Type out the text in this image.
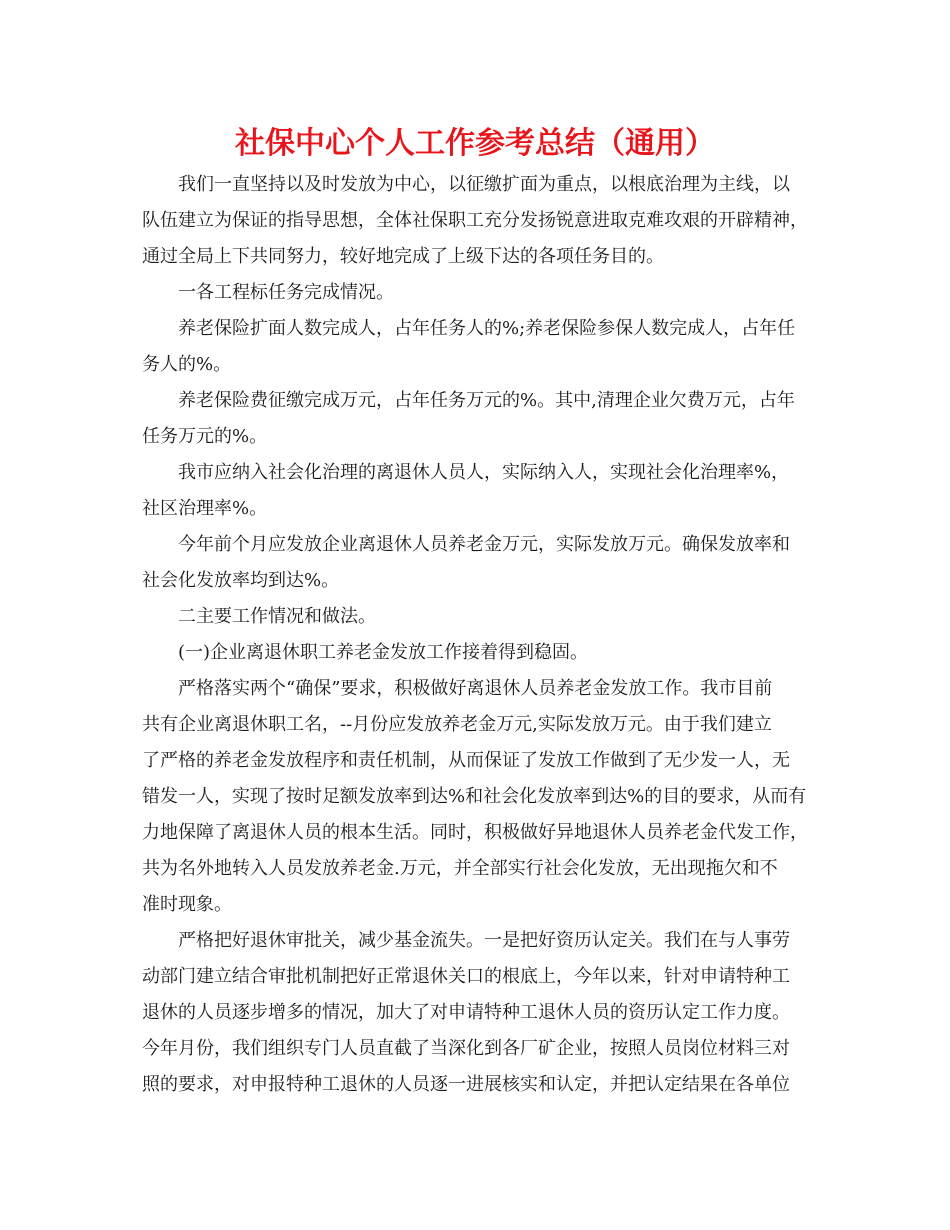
社保中心个人工作参考总结（通用）
我们一直坚持以及时发放为中心，以征缴扩面为重点，以根底治理为主线，以
队伍建立为保证的指导思想，全体社保职工充分发扬锐意进取克难攻艰的开辟精神，
通过全局上下共同努力，较好地完成了上级下达的各项任务目的。
一各工程标任务完成情况。
养老保险扩面人数完成人，占年任务人的%;养老保险参保人数完成人，占年任
务人的%。
养老保险费征缴完成万元，占年任务万元的%。其中,清理企业欠费万元，占年
任务万元的%。
我市应纳入社会化治理的离退休人员人，实际纳入人，实现社会化治理率%，
社区治理率%。
今年前个月应发放企业离退休人员养老金万元，实际发放万元。确保发放率和
社会化发放率均到达%。
二主要工作情况和做法。
(一)企业离退休职工养老金发放工作接着得到稳固。
严格落实两个“确保”要求，积极做好离退休人员养老金发放工作。我市目前
共有企业离退休职工名，--月份应发放养老金万元,实际发放万元。由于我们建立
了严格的养老金发放程序和责任机制，从而保证了发放工作做到了无少发一人，无
错发一人，实现了按时足额发放率到达%和社会化发放率到达%的目的要求，从而有
力地保障了离退休人员的根本生活。同时，积极做好异地退休人员养老金代发工作，
共为名外地转入人员发放养老金.万元，并全部实行社会化发放，无出现拖欠和不
准时现象。
严格把好退休审批关，减少基金流失。一是把好资历认定关。我们在与人事劳
动部门建立结合审批机制把好正常退休关口的根底上，今年以来，针对申请特种工
退休的人员逐步增多的情况，加大了对申请特种工退休人员的资历认定工作力度。
今年月份，我们组织专门人员直截了当深化到各厂矿企业，按照人员岗位材料三对
照的要求，对申报特种工退休的人员逐一进展核实和认定，并把认定结果在各单位
